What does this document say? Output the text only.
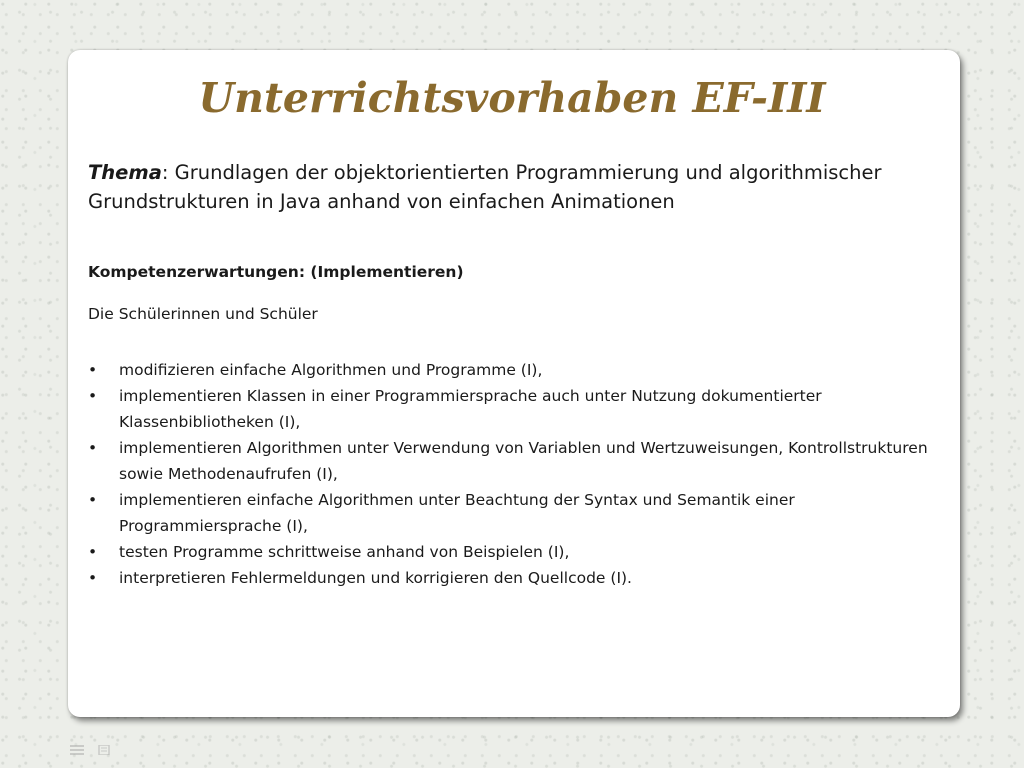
Unterrichtsvorhaben EF-III

Thema: Grundlagen der objektorientierten Programmierung und algorithmischer Grundstrukturen in Java anhand von einfachen Animationen

Kompetenzerwartungen: (Implementieren)

Die Schülerinnen und Schüler

•	modifizieren einfache Algorithmen und Programme (I),
•	implementieren Klassen in einer Programmiersprache auch unter Nutzung dokumentierter Klassenbibliotheken (I),
•	implementieren Algorithmen unter Verwendung von Variablen und Wertzuweisungen, Kontrollstrukturen sowie Methodenaufrufen (I),
•	implementieren einfache Algorithmen unter Beachtung der Syntax und Semantik einer Programmiersprache (I),
•	testen Programme schrittweise anhand von Beispielen (I),
•	interpretieren Fehlermeldungen und korrigieren den Quellcode (I).
